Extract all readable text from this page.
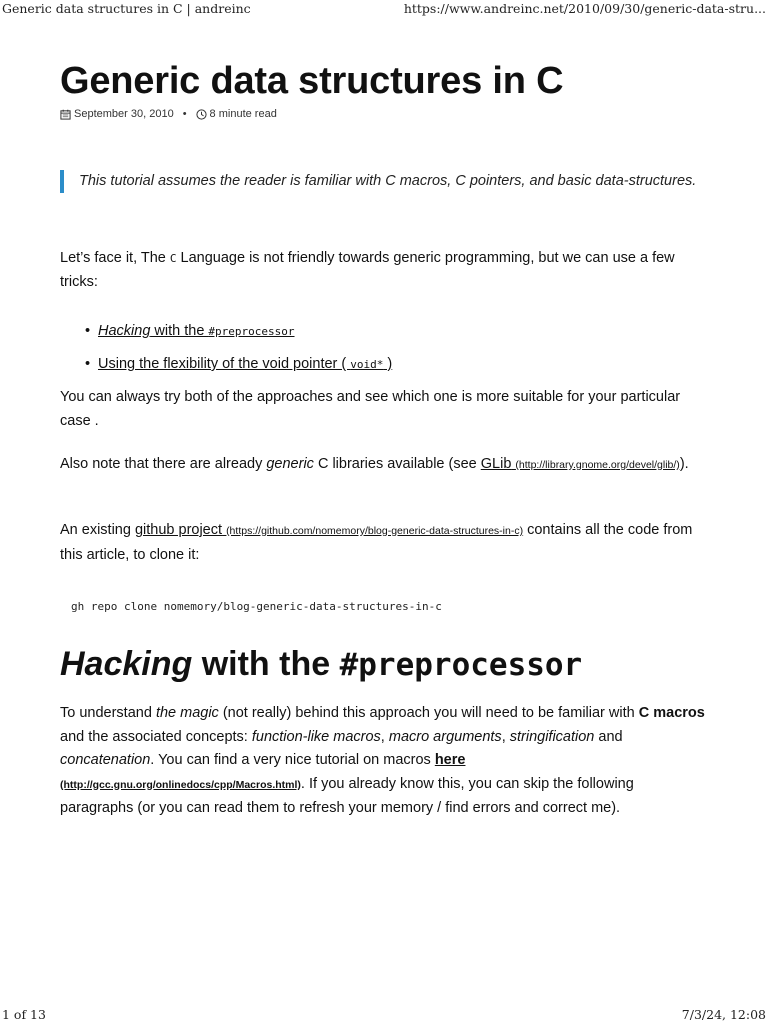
Generic data structures in C | andreinc	https://www.andreinc.net/2010/09/30/generic-data-stru...
Generic data structures in C
September 30, 2010 • 8 minute read
This tutorial assumes the reader is familiar with C macros, C pointers, and basic data-structures.

Let’s face it, The C Language is not friendly towards generic programming, but we can use a few tricks:

• Hacking with the #preprocessor
• Using the flexibility of the void pointer ( void* )

You can always try both of the approaches and see which one is more suitable for your particular case .

Also note that there are already generic C libraries available (see GLib (http://library.gnome.org/devel/glib/)).

An existing github project (https://github.com/nomemory/blog-generic-data-structures-in-c) contains all the code from this article, to clone it:

gh repo clone nomemory/blog-generic-data-structures-in-c
Hacking with the #preprocessor

To understand the magic (not really) behind this approach you will need to be familiar with C macros and the associated concepts: function-like macros, macro arguments, stringification and concatenation. You can find a very nice tutorial on macros here (http://gcc.gnu.org/onlinedocs/cpp/Macros.html). If you already know this, you can skip the following paragraphs (or you can read them to refresh your memory / find errors and correct me).

1 of 13	7/3/24, 12:08
